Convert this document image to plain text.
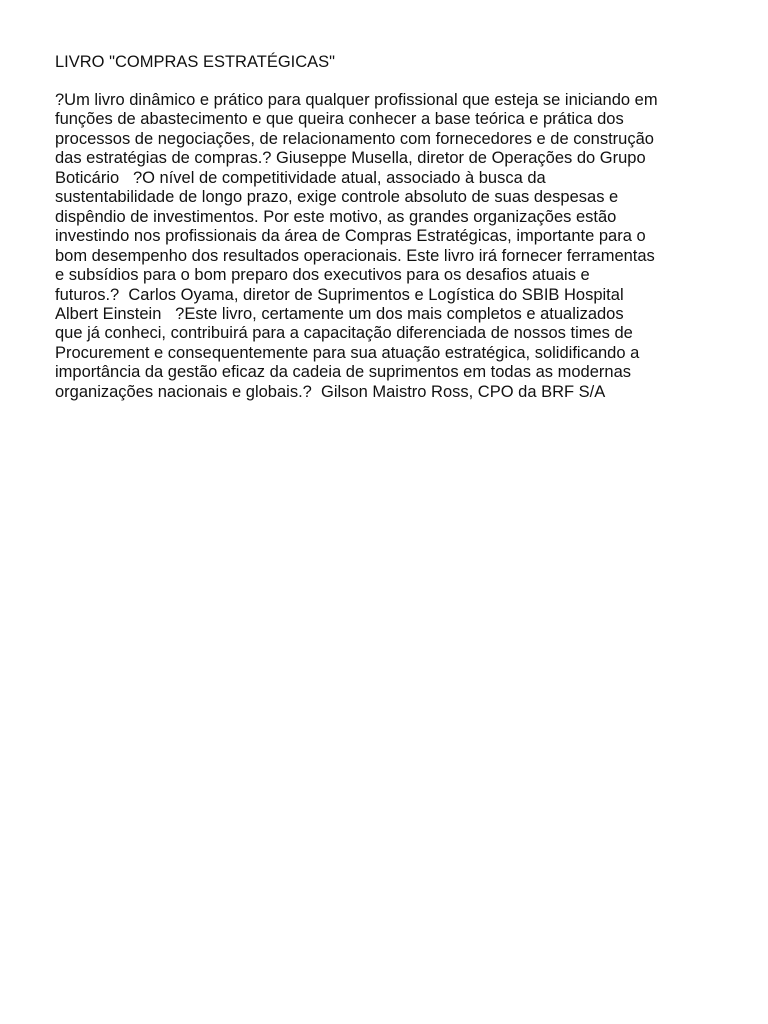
LIVRO "COMPRAS ESTRATÉGICAS"

?Um livro dinâmico e prático para qualquer profissional que esteja se iniciando em
funções de abastecimento e que queira conhecer a base teórica e prática dos
processos de negociações, de relacionamento com fornecedores e de construção
das estratégias de compras.? Giuseppe Musella, diretor de Operações do Grupo
Boticário   ?O nível de competitividade atual, associado à busca da
sustentabilidade de longo prazo, exige controle absoluto de suas despesas e
dispêndio de investimentos. Por este motivo, as grandes organizações estão
investindo nos profissionais da área de Compras Estratégicas, importante para o
bom desempenho dos resultados operacionais. Este livro irá fornecer ferramentas
e subsídios para o bom preparo dos executivos para os desafios atuais e
futuros.?  Carlos Oyama, diretor de Suprimentos e Logística do SBIB Hospital
Albert Einstein   ?Este livro, certamente um dos mais completos e atualizados
que já conheci, contribuirá para a capacitação diferenciada de nossos times de
Procurement e consequentemente para sua atuação estratégica, solidificando a
importância da gestão eficaz da cadeia de suprimentos em todas as modernas
organizações nacionais e globais.?  Gilson Maistro Ross, CPO da BRF S/A
